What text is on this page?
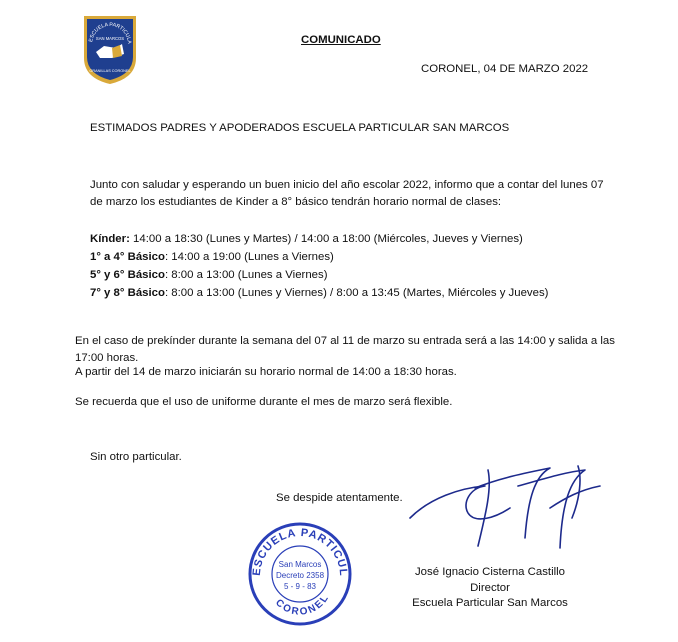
ESCUELA PARTICULAR
SAN MARCOS
GRANILLAS CORONEL
COMUNICADO
CORONEL, 04 DE MARZO 2022
ESTIMADOS PADRES Y APODERADOS ESCUELA PARTICULAR SAN MARCOS
Junto con saludar y esperando un buen inicio del año escolar 2022, informo que a contar del lunes 07 de marzo los estudiantes de Kinder a 8° básico tendrán horario normal de clases:
Kínder: 14:00 a 18:30 (Lunes y Martes) / 14:00 a 18:00 (Miércoles, Jueves y Viernes)
1° a 4° Básico: 14:00 a 19:00 (Lunes a Viernes)
5° y 6° Básico: 8:00 a 13:00 (Lunes a Viernes)
7° y 8° Básico: 8:00 a 13:00 (Lunes y Viernes) / 8:00 a 13:45 (Martes, Miércoles y Jueves)
En el caso de prekínder durante la semana del 07 al 11 de marzo su entrada será a las 14:00 y salida a las 17:00 horas.
A partir del 14 de marzo iniciarán su horario normal de 14:00 a 18:30 horas.
Se recuerda que el uso de uniforme durante el mes de marzo será flexible.
Sin otro particular.
Se despide atentamente.
ESCUELA PARTICULAR
San Marcos
Decreto 2358
5 - 9 - 83
CORONEL
José Ignacio Cisterna Castillo
Director
Escuela Particular San Marcos
